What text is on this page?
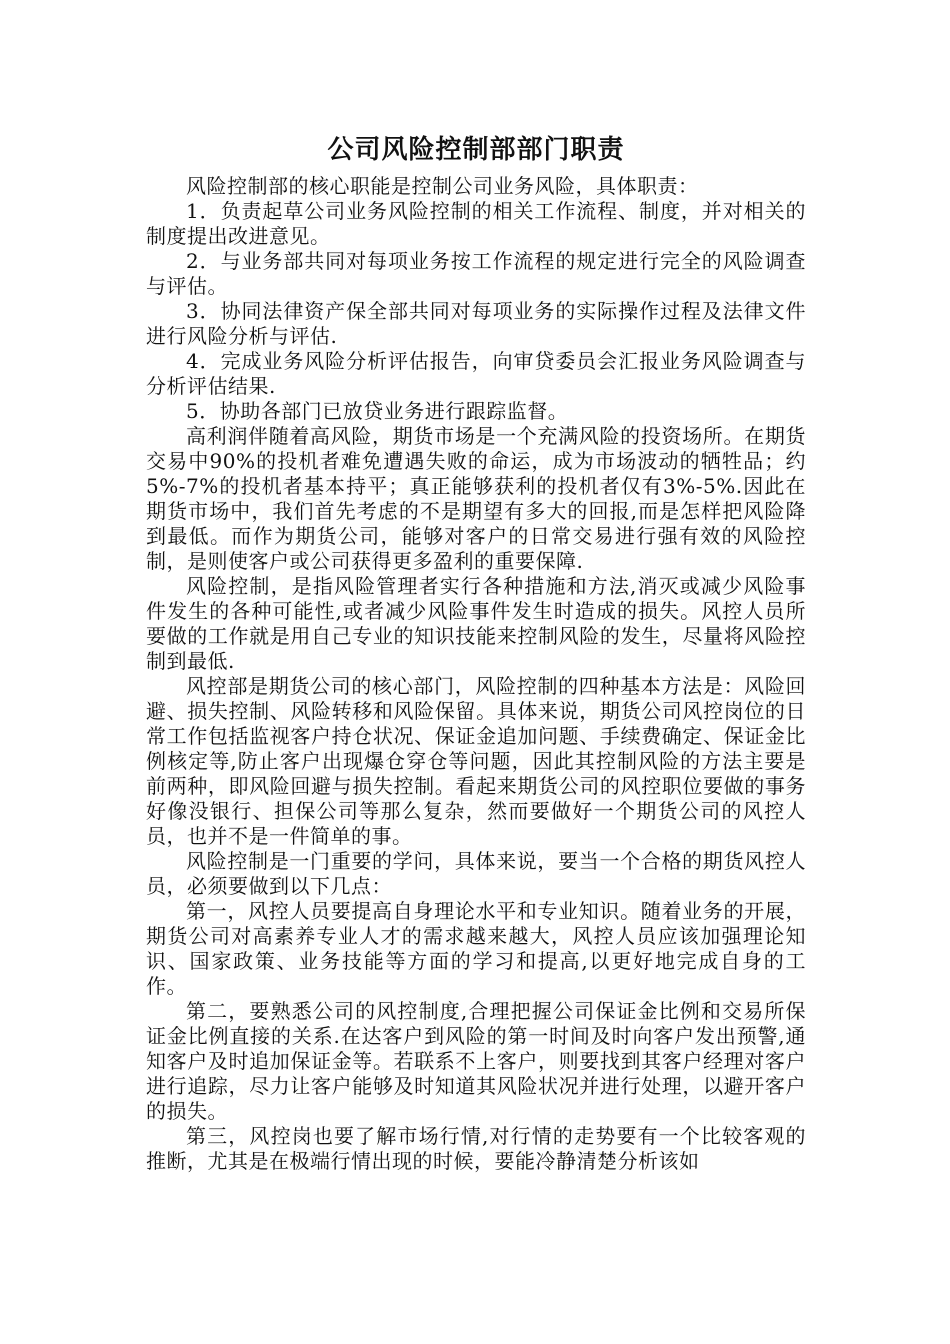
公司风险控制部部门职责

风险控制部的核心职能是控制公司业务风险，具体职责：

1．负责起草公司业务风险控制的相关工作流程、制度，并对相关的制度提出改进意见。

2．与业务部共同对每项业务按工作流程的规定进行完全的风险调查与评估。

3．协同法律资产保全部共同对每项业务的实际操作过程及法律文件进行风险分析与评估.

4．完成业务风险分析评估报告，向审贷委员会汇报业务风险调查与分析评估结果.

5．协助各部门已放贷业务进行跟踪监督。

高利润伴随着高风险，期货市场是一个充满风险的投资场所。在期货交易中90%的投机者难免遭遇失败的命运，成为市场波动的牺牲品；约5%-7%的投机者基本持平；真正能够获利的投机者仅有3%-5%.因此在期货市场中，我们首先考虑的不是期望有多大的回报,而是怎样把风险降到最低。而作为期货公司，能够对客户的日常交易进行强有效的风险控制，是则使客户或公司获得更多盈利的重要保障.

风险控制，是指风险管理者实行各种措施和方法,消灭或减少风险事件发生的各种可能性,或者减少风险事件发生时造成的损失。风控人员所要做的工作就是用自己专业的知识技能来控制风险的发生，尽量将风险控制到最低.

风控部是期货公司的核心部门，风险控制的四种基本方法是：风险回避、损失控制、风险转移和风险保留。具体来说，期货公司风控岗位的日常工作包括监视客户持仓状况、保证金追加问题、手续费确定、保证金比例核定等,防止客户出现爆仓穿仓等问题，因此其控制风险的方法主要是前两种，即风险回避与损失控制。看起来期货公司的风控职位要做的事务好像没银行、担保公司等那么复杂，然而要做好一个期货公司的风控人员，也并不是一件简单的事。

风险控制是一门重要的学问，具体来说，要当一个合格的期货风控人员，必须要做到以下几点：

第一，风控人员要提高自身理论水平和专业知识。随着业务的开展，期货公司对高素养专业人才的需求越来越大，风控人员应该加强理论知识、国家政策、业务技能等方面的学习和提高,以更好地完成自身的工作。

第二，要熟悉公司的风控制度,合理把握公司保证金比例和交易所保证金比例直接的关系.在达客户到风险的第一时间及时向客户发出预警,通知客户及时追加保证金等。若联系不上客户，则要找到其客户经理对客户进行追踪，尽力让客户能够及时知道其风险状况并进行处理，以避开客户的损失。

第三，风控岗也要了解市场行情,对行情的走势要有一个比较客观的推断，尤其是在极端行情出现的时候，要能冷静清楚分析该如
